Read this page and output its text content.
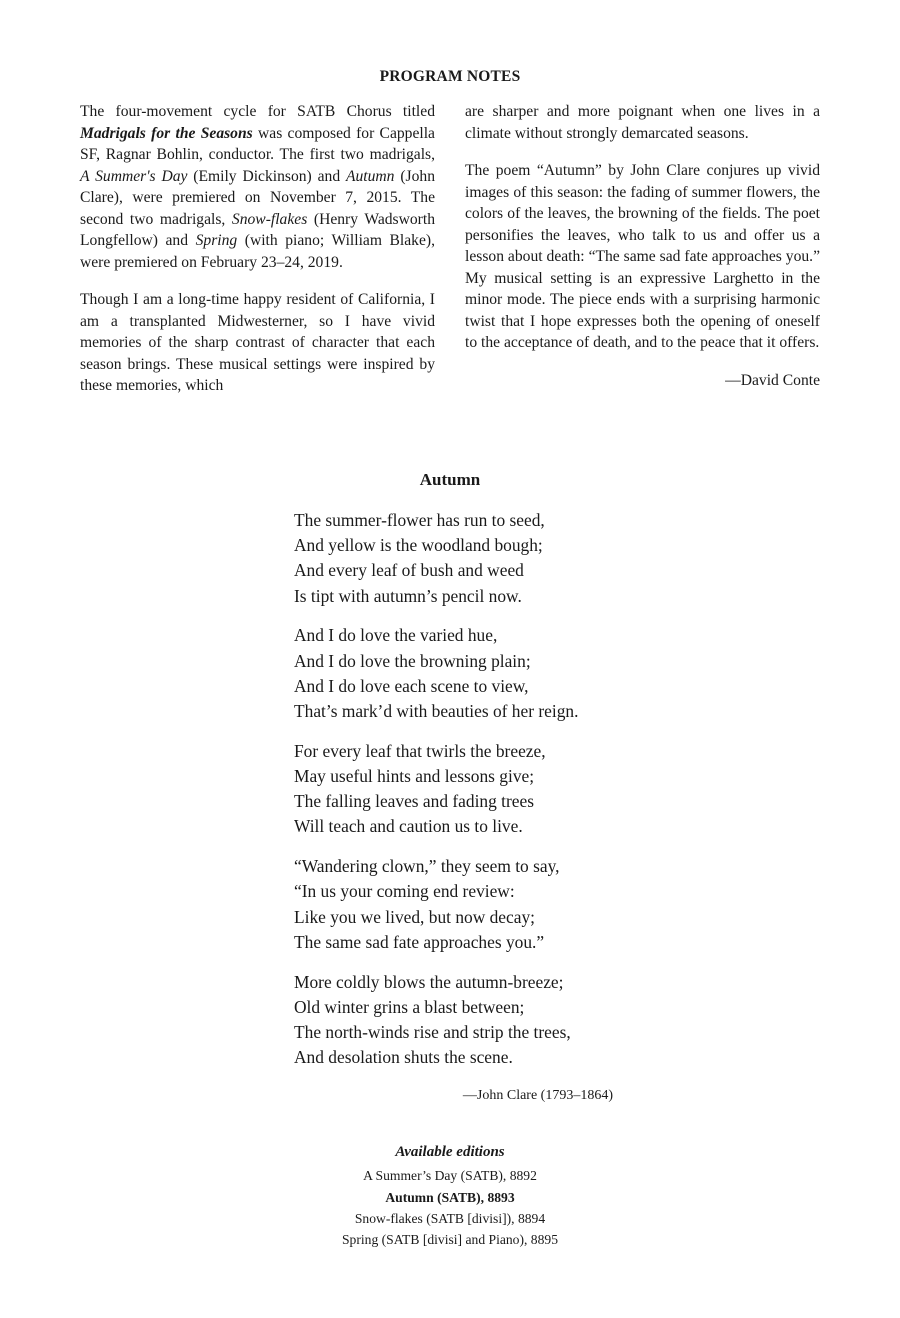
PROGRAM NOTES

The four-movement cycle for SATB Chorus titled Madrigals for the Seasons was composed for Cappella SF, Ragnar Bohlin, conductor. The first two madrigals, A Summer's Day (Emily Dickinson) and Autumn (John Clare), were premiered on November 7, 2015. The second two madrigals, Snow-flakes (Henry Wadsworth Longfellow) and Spring (with piano; William Blake), were premiered on February 23–24, 2019.

Though I am a long-time happy resident of California, I am a transplanted Midwesterner, so I have vivid memories of the sharp contrast of character that each season brings. These musical settings were inspired by these memories, which

are sharper and more poignant when one lives in a climate without strongly demarcated seasons.

The poem “Autumn” by John Clare conjures up vivid images of this season: the fading of summer flowers, the colors of the leaves, the browning of the fields. The poet personifies the leaves, who talk to us and offer us a lesson about death: “The same sad fate approaches you.” My musical setting is an expressive Larghetto in the minor mode. The piece ends with a surprising harmonic twist that I hope expresses both the opening of oneself to the acceptance of death, and to the peace that it offers.

—David Conte
Autumn
The summer-flower has run to seed,
And yellow is the woodland bough;
And every leaf of bush and weed
Is tipt with autumn’s pencil now.
And I do love the varied hue,
And I do love the browning plain;
And I do love each scene to view,
That’s mark’d with beauties of her reign.
For every leaf that twirls the breeze,
May useful hints and lessons give;
The falling leaves and fading trees
Will teach and caution us to live.
“Wandering clown,” they seem to say,
“In us your coming end review:
Like you we lived, but now decay;
The same sad fate approaches you.”
More coldly blows the autumn-breeze;
Old winter grins a blast between;
The north-winds rise and strip the trees,
And desolation shuts the scene.
—John Clare (1793–1864)
Available editions
A Summer’s Day (SATB), 8892
Autumn (SATB), 8893
Snow-flakes (SATB [divisi]), 8894
Spring (SATB [divisi] and Piano), 8895
